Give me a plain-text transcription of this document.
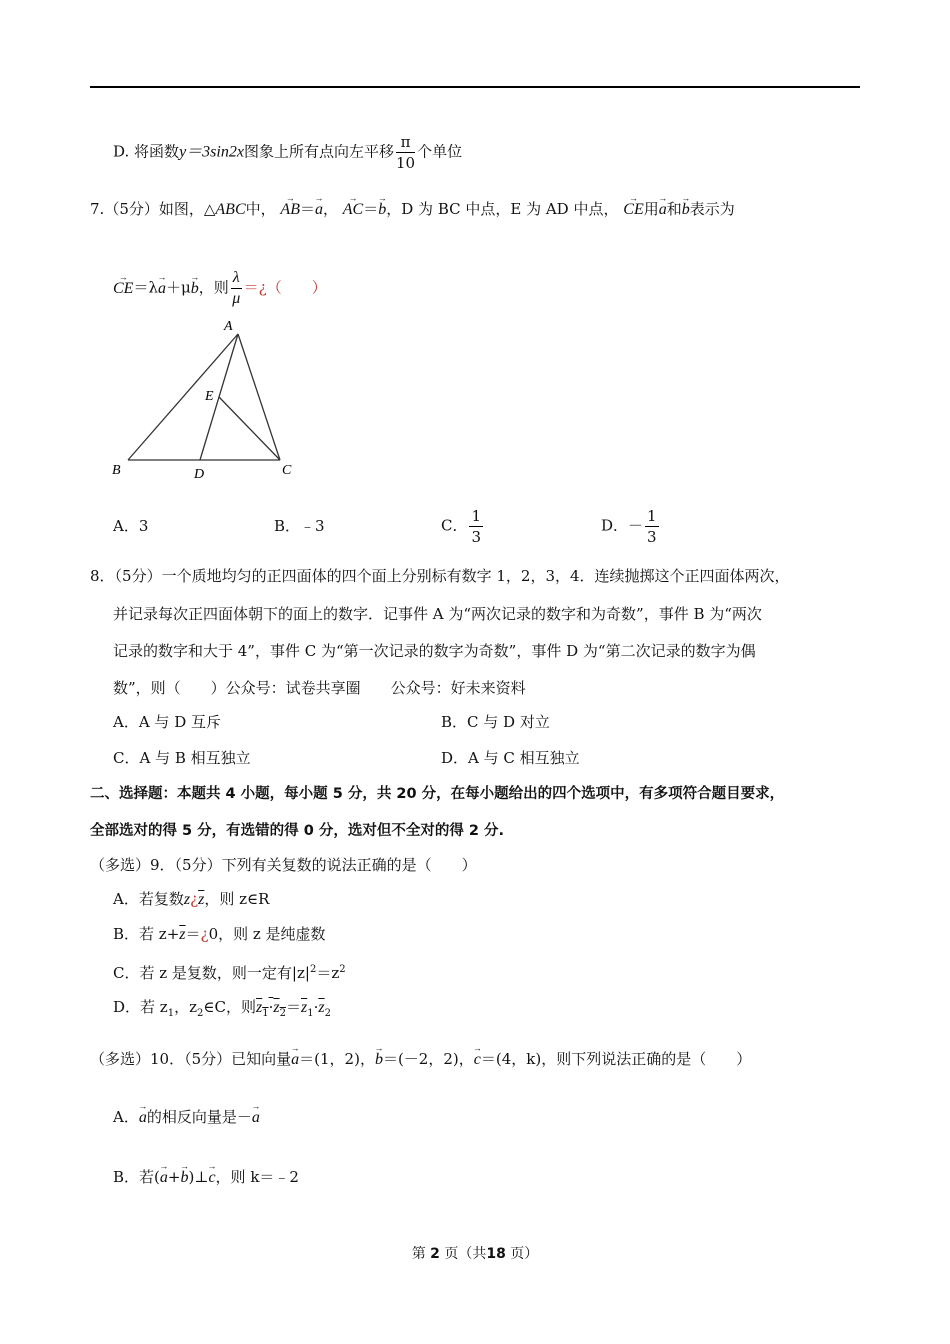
D. 将函数y＝3sin2x图象上所有点向左平移 $\frac{\pi}{10}$ 个单位
7.（5分）如图，△ABC中， → AB＝→ a， → AC＝→ b，D 为 BC 中点，E 为 AD 中点， → CE用→ a和→ b表示为
→ CE＝λ→ a＋μ→ b，则 $\frac{\lambda}{\mu}$ ＝¿（　　）
A
B	C
D
E
A．3	B．﹣3	C． $\frac{1}{3}$	D．－ $\frac{1}{3}$
8．（5分）一个质地均匀的正四面体的四个面上分别标有数字 1，2，3，4．连续抛掷这个正四面体两次，
并记录每次正四面体朝下的面上的数字．记事件 A 为“两次记录的数字和为奇数”，事件 B 为“两次
记录的数字和大于 4”，事件 C 为“第一次记录的数字为奇数”，事件 D 为“第二次记录的数字为偶
数”，则（　　）公众号：试卷共享圈　　公众号：好未来资料
A．A 与 D 互斥	B．C 与 D 对立
C．A 与 B 相互独立	D．A 与 C 相互独立
二、选择题：本题共 4 小题，每小题 5 分，共 20 分，在每小题给出的四个选项中，有多项符合题目要求，
全部选对的得 5 分，有选错的得 0 分，选对但不全对的得 2 分.
（多选）9．（5分）下列有关复数的说法正确的是（　　）
A．若复数$z¿\overline{z}$，则 z∈R
B．若 $z+\overline{z}=¿0$，则 z 是纯虚数
C．若 z 是复数，则一定有$|z|^2=z^2$
D．若 $z_1$，$z_2\in C$，则$z_1\cdot z_2=\overline{z}_1\cdot\overline{z}_2$
（多选）10．（5分）已知向量→ a＝(1，2)，→ b＝(－2，2)，→ c＝(4，k)，则下列说法正确的是（　　）
A．→ a的相反向量是－→ a
B．若(→ a+→ b)⊥→ c，则 k＝﹣2
第 2 页（共18 页）
